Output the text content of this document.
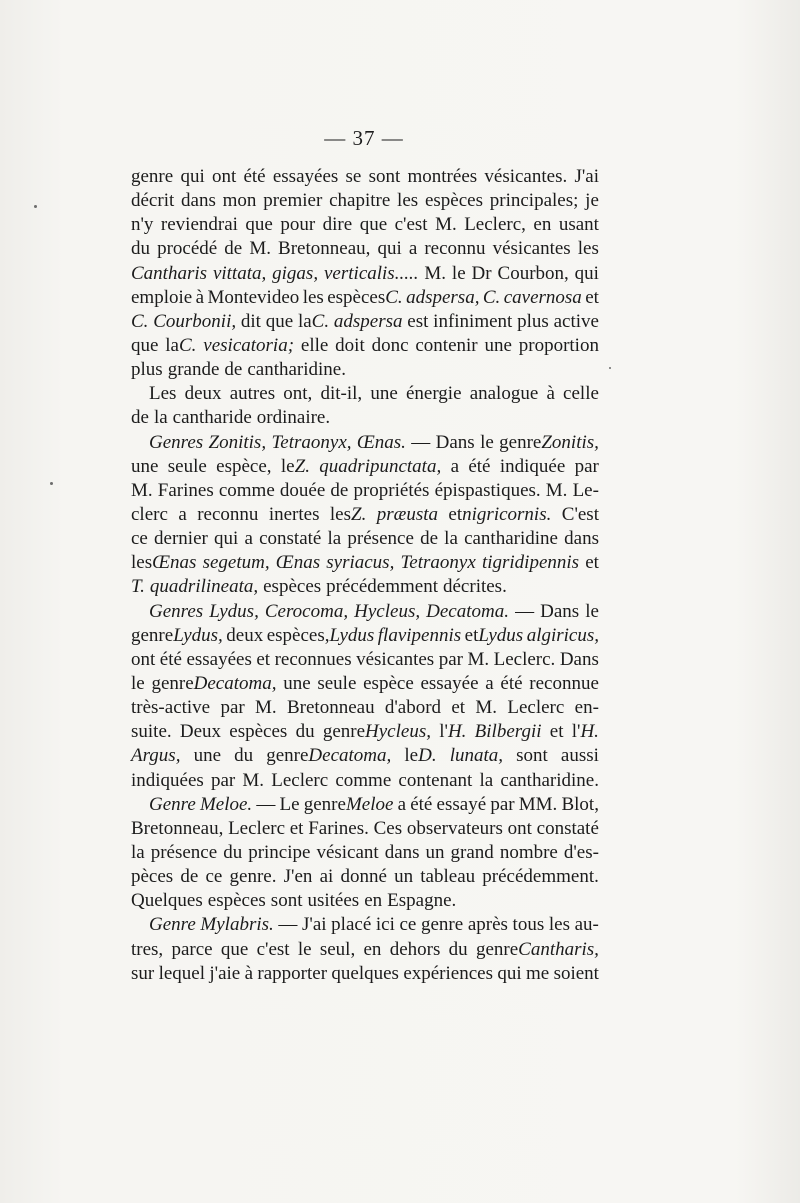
— 37 —
genre qui ont été essayées se sont montrées vésicantes. J'ai
décrit dans mon premier chapitre les espèces principales; je
n'y reviendrai que pour dire que c'est M. Leclerc, en usant
du procédé de M. Bretonneau, qui a reconnu vésicantes les
Cantharis vittata, gigas, verticalis..... M. le Dr Courbon, qui
emploie à Montevideo les espècesC. adspersa, C. cavernosa et
C. Courbonii, dit que laC. adspersa est infiniment plus active
que laC. vesicatoria; elle doit donc contenir une proportion
plus grande de cantharidine.
Les deux autres ont, dit-il, une énergie analogue à celle
de la cantharide ordinaire.
Genres Zonitis, Tetraonyx, Œnas. — Dans le genreZonitis,
une seule espèce, leZ. quadripunctata, a été indiquée par
M. Farines comme douée de propriétés épispastiques. M. Le-
clerc a reconnu inertes lesZ. præusta etnigricornis. C'est
ce dernier qui a constaté la présence de la cantharidine dans
lesŒnas segetum, Œnas syriacus, Tetraonyx tigridipennis et
T. quadrilineata, espèces précédemment décrites.
Genres Lydus, Cerocoma, Hycleus, Decatoma. — Dans le
genreLydus, deux espèces,Lydus flavipennis etLydus algiricus,
ont été essayées et reconnues vésicantes par M. Leclerc. Dans
le genreDecatoma, une seule espèce essayée a été reconnue
très-active par M. Bretonneau d'abord et M. Leclerc en-
suite. Deux espèces du genreHycleus, l'H. Bilbergii et l'H.
Argus, une du genreDecatoma, leD. lunata, sont aussi
indiquées par M. Leclerc comme contenant la cantharidine.
Genre Meloe. — Le genreMeloe a été essayé par MM. Blot,
Bretonneau, Leclerc et Farines. Ces observateurs ont constaté
la présence du principe vésicant dans un grand nombre d'es-
pèces de ce genre. J'en ai donné un tableau précédemment.
Quelques espèces sont usitées en Espagne.
Genre Mylabris. — J'ai placé ici ce genre après tous les au-
tres, parce que c'est le seul, en dehors du genreCantharis,
sur lequel j'aie à rapporter quelques expériences qui me soient
